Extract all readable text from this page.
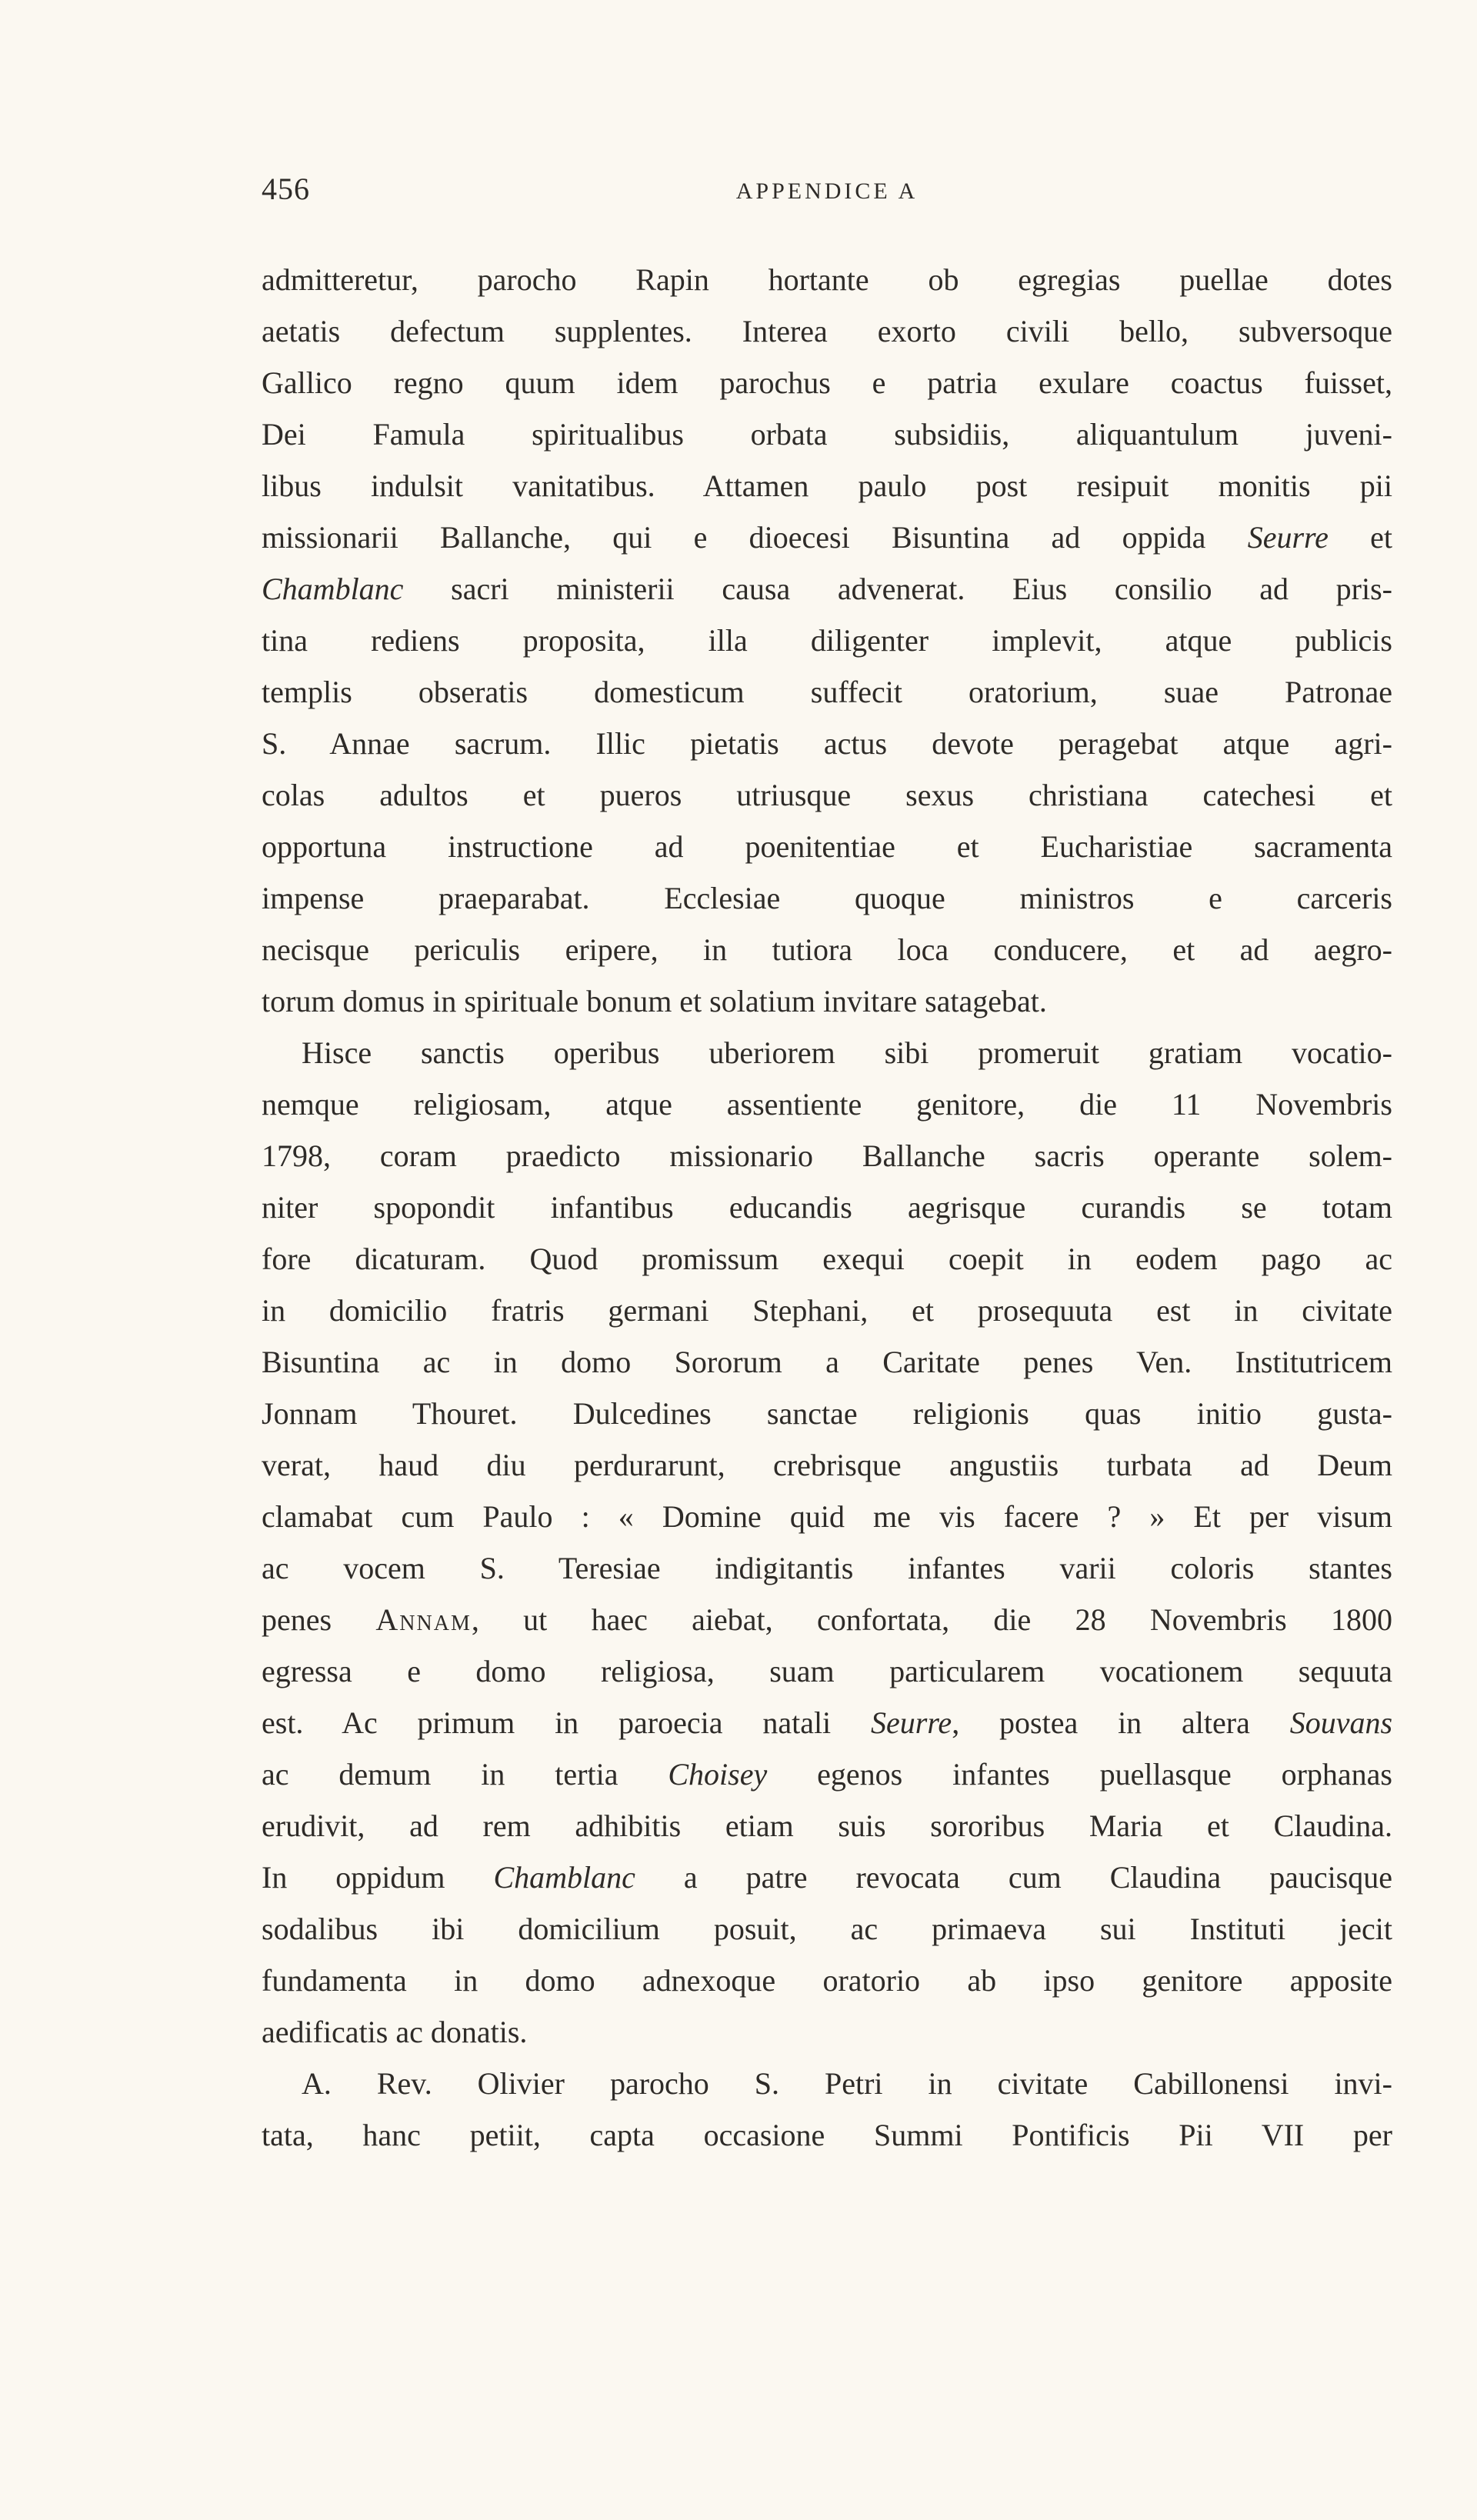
456	APPENDICE A
admitteretur, parocho Rapin hortante ob egregias puellae dotes
aetatis defectum supplentes. Interea exorto civili bello, subversoque
Gallico regno quum idem parochus e patria exulare coactus fuisset,
Dei Famula spiritualibus orbata subsidiis, aliquantulum juveni-
libus indulsit vanitatibus. Attamen paulo post resipuit monitis pii
missionarii Ballanche, qui e dioecesi Bisuntina ad oppida Seurre et
Chamblanc sacri ministerii causa advenerat. Eius consilio ad pris-
tina rediens proposita, illa diligenter implevit, atque publicis
templis obseratis domesticum suffecit oratorium, suae Patronae
S. Annae sacrum. Illic pietatis actus devote peragebat atque agri-
colas adultos et pueros utriusque sexus christiana catechesi et
opportuna instructione ad poenitentiae et Eucharistiae sacramenta
impense praeparabat. Ecclesiae quoque ministros e carceris
necisque periculis eripere, in tutiora loca conducere, et ad aegro-
torum domus in spirituale bonum et solatium invitare satagebat.
Hisce sanctis operibus uberiorem sibi promeruit gratiam vocatio-
nemque religiosam, atque assentiente genitore, die 11 Novembris
1798, coram praedicto missionario Ballanche sacris operante solem-
niter spopondit infantibus educandis aegrisque curandis se totam
fore dicaturam. Quod promissum exequi coepit in eodem pago ac
in domicilio fratris germani Stephani, et prosequuta est in civitate
Bisuntina ac in domo Sororum a Caritate penes Ven. Institutricem
Jonnam Thouret. Dulcedines sanctae religionis quas initio gusta-
verat, haud diu perdurarunt, crebrisque angustiis turbata ad Deum
clamabat cum Paulo : « Domine quid me vis facere ? » Et per visum
ac vocem S. Teresiae indigitantis infantes varii coloris stantes
penes Annam, ut haec aiebat, confortata, die 28 Novembris 1800
egressa e domo religiosa, suam particularem vocationem sequuta
est. Ac primum in paroecia natali Seurre, postea in altera Souvans
ac demum in tertia Choisey egenos infantes puellasque orphanas
erudivit, ad rem adhibitis etiam suis sororibus Maria et Claudina.
In oppidum Chamblanc a patre revocata cum Claudina paucisque
sodalibus ibi domicilium posuit, ac primaeva sui Instituti jecit
fundamenta in domo adnexoque oratorio ab ipso genitore apposite
aedificatis ac donatis.
A. Rev. Olivier parocho S. Petri in civitate Cabillonensi invi-
tata, hanc petiit, capta occasione Summi Pontificis Pii VII per
